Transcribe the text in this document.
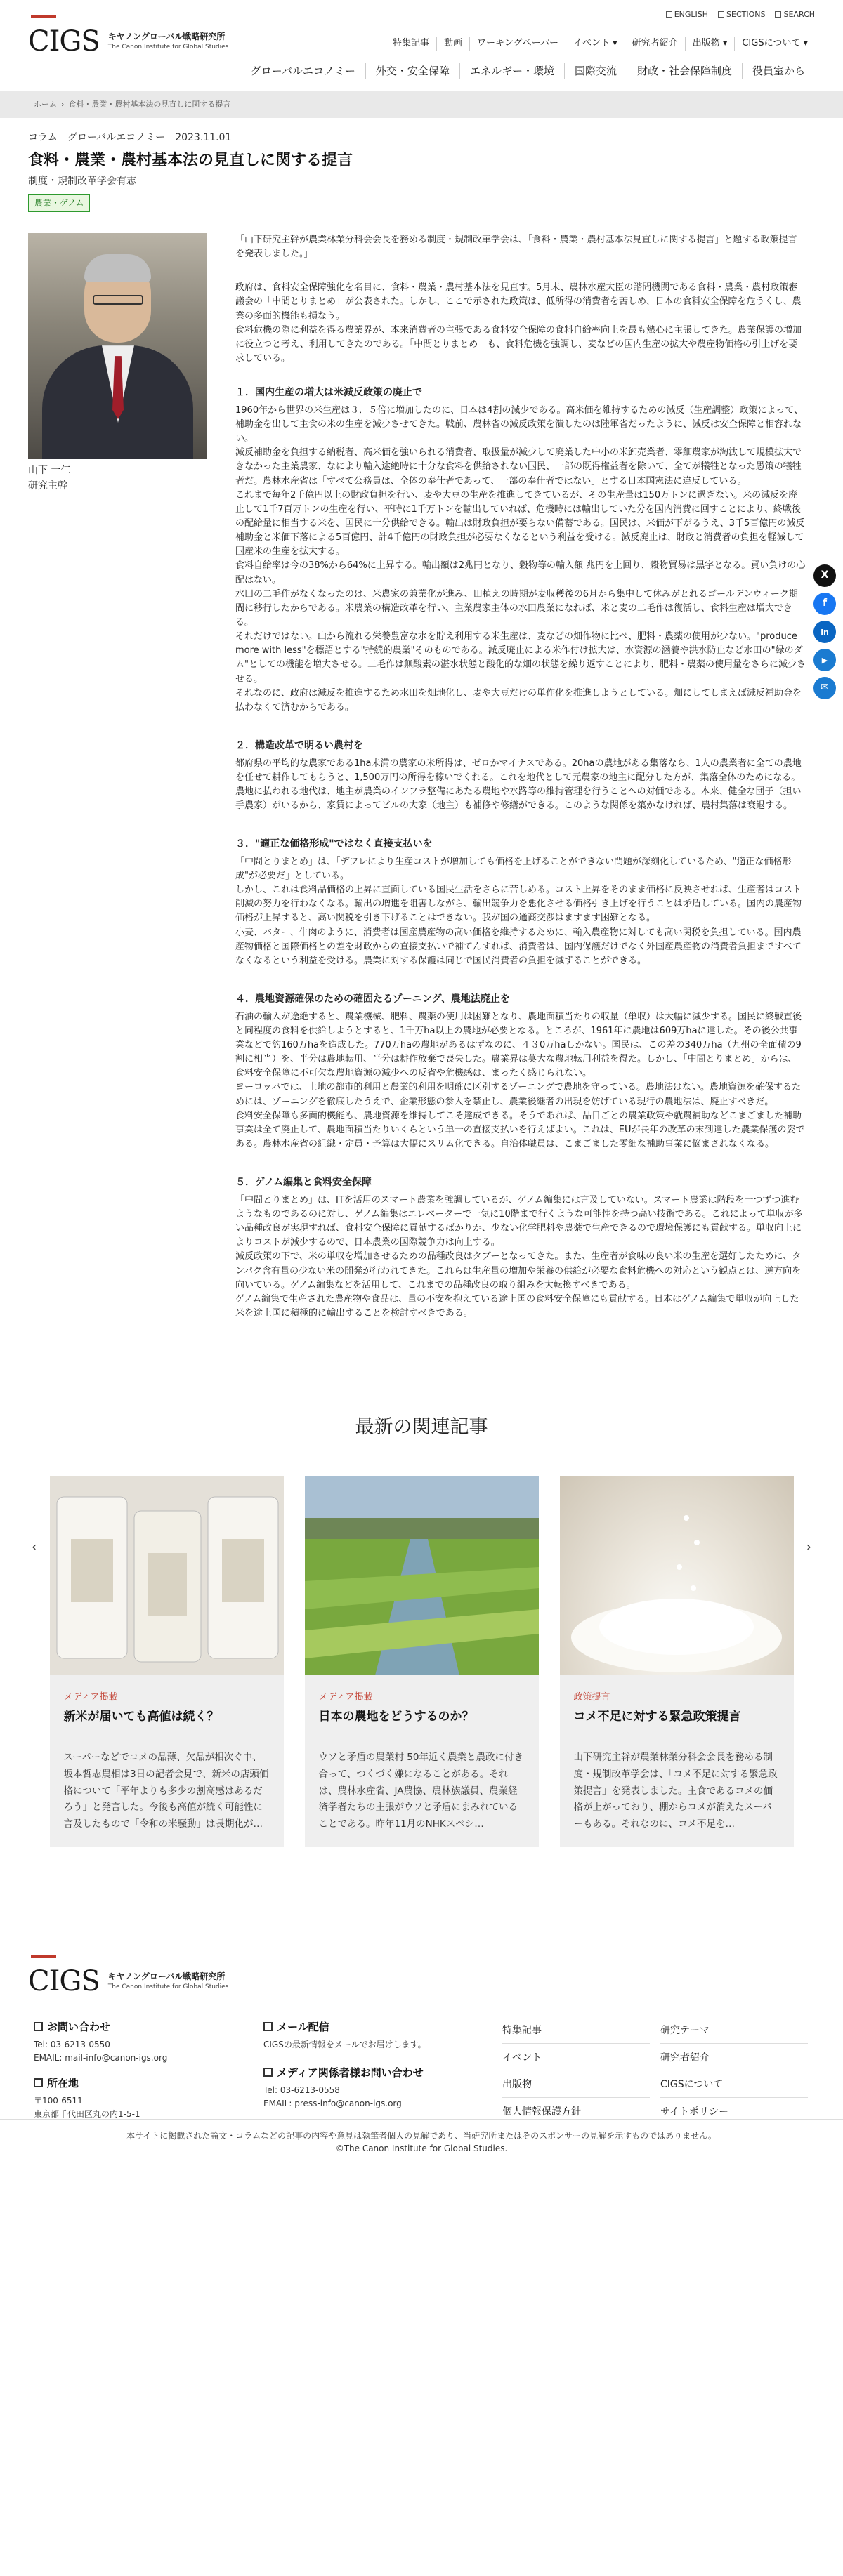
CIGS キヤノングローバル戦略研究所
The Canon Institute for Global Studies
ENGLISH	SECTIONS	SEARCH
特集記事	動画	ワーキングペーパー	イベント ▾	研究者紹介	出版物 ▾	CIGSについて ▾
グローバルエコノミー	外交・安全保障	エネルギー・環境	国際交流	財政・社会保障制度	役員室から
ホーム › 食料・農業・農村基本法の見直しに関する提言
コラム グローバルエコノミー 2023.11.01
食料・農業・農村基本法の見直しに関する提言
制度・規制改革学会有志
農業・ゲノム
山下 一仁
研究主幹

「山下研究主幹が農業林業分科会会長を務める制度・規制改革学会は、「食料・農業・農村基本法見直しに関する提言」と題する政策提言を発表しました。」

政府は、食料安全保障強化を名目に、食料・農業・農村基本法を見直す。5月末、農林水産大臣の諮問機関である食料・農業・農村政策審議会の「中間とりまとめ」が公表された。しかし、ここで示された政策は、低所得の消費者を苦しめ、日本の食料安全保障を危うくし、農業の多面的機能も損なう。

食料危機の際に利益を得る農業界が、本来消費者の主張である食料安全保障の食料自給率向上を最も熱心に主張してきた。農業保護の増加に役立つと考え、利用してきたのである。「中間とりまとめ」も、食料危機を強調し、麦などの国内生産の拡大や農産物価格の引上げを要求している。

１．国内生産の増大は米減反政策の廃止で

1960年から世界の米生産は３．５倍に増加したのに、日本は4割の減少である。高米価を維持するための減反（生産調整）政策によって、補助金を出して主食の米の生産を減少させてきた。戦前、農林省の減反政策を潰したのは陸軍省だったように、減反は安全保障と相容れない。

減反補助金を負担する納税者、高米価を強いられる消費者、取扱量が減少して廃業した中小の米卸売業者、零細農家が淘汰して規模拡大できなかった主業農家、なにより輸入途絶時に十分な食料を供給されない国民、一部の既得権益者を除いて、全てが犠牲となった愚策の犠牲者だ。農林水産省は「すべて公務員は、全体の奉仕者であって、一部の奉仕者ではない」とする日本国憲法に違反している。

これまで毎年2千億円以上の財政負担を行い、麦や大豆の生産を推進してきているが、その生産量は150万トンに過ぎない。米の減反を廃止して1千7百万トンの生産を行い、平時に1千万トンを輸出していれば、危機時には輸出していた分を国内消費に回すことにより、終戦後の配給量に相当する米を、国民に十分供給できる。輸出は財政負担が要らない備蓄である。国民は、米価が下がるうえ、3千5百億円の減反補助金と米価下落による5百億円、計4千億円の財政負担が必要なくなるという利益を受ける。減反廃止は、財政と消費者の負担を軽減して国産米の生産を拡大する。

食料自給率は今の38%から64%に上昇する。輸出額は2兆円となり、穀物等の輸入額 兆円を上回り、穀物貿易は黒字となる。買い負けの心配はない。

水田の二毛作がなくなったのは、米農家の兼業化が進み、田植えの時期が麦収穫後の6月から集中して休みがとれるゴールデンウィーク期間に移行したからである。米農業の構造改革を行い、主業農家主体の水田農業になれば、米と麦の二毛作は復活し、食料生産は増大できる。

それだけではない。山から流れる栄養豊富な水を貯え利用する米生産は、麦などの畑作物に比べ、肥料・農薬の使用が少ない。"produce more with less"を標語とする"持続的農業"そのものである。減反廃止による米作付け拡大は、水資源の涵養や洪水防止など水田の"緑のダム"としての機能を増大させる。二毛作は無酸素の湛水状態と酸化的な畑の状態を繰り返すことにより、肥料・農薬の使用量をさらに減少させる。

それなのに、政府は減反を推進するため水田を畑地化し、麦や大豆だけの単作化を推進しようとしている。畑にしてしまえば減反補助金を払わなくて済むからである。

２．構造改革で明るい農村を

都府県の平均的な農家である1ha未満の農家の米所得は、ゼロかマイナスである。20haの農地がある集落なら、1人の農業者に全ての農地を任せて耕作してもらうと、1,500万円の所得を稼いでくれる。これを地代として元農家の地主に配分した方が、集落全体のためになる。

農地に払われる地代は、地主が農業のインフラ整備にあたる農地や水路等の維持管理を行うことへの対価である。本来、健全な団子（担い手農家）がいるから、家賃によってビルの大家（地主）も補修や修繕ができる。このような関係を築かなければ、農村集落は衰退する。

３．"適正な価格形成"ではなく直接支払いを

「中間とりまとめ」は、「デフレにより生産コストが増加しても価格を上げることができない問題が深刻化しているため、"適正な価格形成"が必要だ」としている。

しかし、これは食料品価格の上昇に直面している国民生活をさらに苦しめる。コスト上昇をそのまま価格に反映させれば、生産者はコスト削減の努力を行わなくなる。輸出の増進を阻害しながら、輸出競争力を悪化させる価格引き上げを行うことは矛盾している。国内の農産物価格が上昇すると、高い関税を引き下げることはできない。我が国の通商交渉はますます困難となる。

小麦、バター、牛肉のように、消費者は国産農産物の高い価格を維持するために、輸入農産物に対しても高い関税を負担している。国内農産物価格と国際価格との差を財政からの直接支払いで補てんすれば、消費者は、国内保護だけでなく外国産農産物の消費者負担まですべてなくなるという利益を受ける。農業に対する保護は同じで国民消費者の負担を減ずることができる。

４．農地資源確保のための確固たるゾーニング、農地法廃止を

石油の輸入が途絶すると、農業機械、肥料、農薬の使用は困難となり、農地面積当たりの収量（単収）は大幅に減少する。国民に終戦直後と同程度の食料を供給しようとすると、1千万ha以上の農地が必要となる。ところが、1961年に農地は609万haに達した。その後公共事業などで約160万haを造成した。770万haの農地があるはずなのに、４３0万haしかない。国民は、この差の340万ha（九州の全面積の9割に相当）を、半分は農地転用、半分は耕作放棄で喪失した。農業界は莫大な農地転用利益を得た。しかし、「中間とりまとめ」からは、食料安全保障に不可欠な農地資源の減少への反省や危機感は、まったく感じられない。

ヨーロッパでは、土地の都市的利用と農業的利用を明確に区別するゾーニングで農地を守っている。農地法はない。農地資源を確保するためには、ゾーニングを徹底したうえで、企業形態の参入を禁止し、農業後継者の出現を妨げている現行の農地法は、廃止すべきだ。

食料安全保障も多面的機能も、農地資源を維持してこそ達成できる。そうであれば、品目ごとの農業政策や就農補助などこまごました補助事業は全て廃止して、農地面積当たりいくらという単一の直接支払いを行えばよい。これは、EUが長年の改革の末到達した農業保護の姿である。農林水産省の組織・定員・予算は大幅にスリム化できる。自治体職員は、こまごました零細な補助事業に悩まされなくなる。

５．ゲノム編集と食料安全保障

「中間とりまとめ」は、ITを活用のスマート農業を強調しているが、ゲノム編集には言及していない。スマート農業は階段を一つずつ進むようなものであるのに対し、ゲノム編集はエレベーターで一気に10階まで行くような可能性を持つ高い技術である。これによって単収が多い品種改良が実現すれば、食料安全保障に貢献するばかりか、少ない化学肥料や農薬で生産できるので環境保護にも貢献する。単収向上によりコストが減少するので、日本農業の国際競争力は向上する。

減反政策の下で、米の単収を増加させるための品種改良はタブーとなってきた。また、生産者が食味の良い米の生産を選好したために、タンパク含有量の少ない米の開発が行われてきた。これらは生産量の増加や栄養の供給が必要な食料危機への対応という観点とは、逆方向を向いている。ゲノム編集などを活用して、これまでの品種改良の取り組みを大転換すべきである。

ゲノム編集で生産された農産物や食品は、量の不安を抱えている途上国の食料安全保障にも貢献する。日本はゲノム編集で単収が向上した米を途上国に積極的に輸出することを検討すべきである。

X
f
in
▶
✉
最新の関連記事
メディア掲載
新米が届いても高値は続く？
スーパーなどでコメの品薄、欠品が相次ぐ中、坂本哲志農相は3日の記者会見で、新米の店頭価格について「平年よりも多少の割高感はあるだろう」と発言した。今後も高値が続く可能性に言及したもので「令和の米騒動」は長期化が…
メディア掲載
日本の農地をどうするのか？
ウソと矛盾の農業村 50年近く農業と農政に付き合って、つくづく嫌になることがある。それは、農林水産省、JA農協、農林族議員、農業経済学者たちの主張がウソと矛盾にまみれていることである。昨年11月のNHKスペシ…
政策提言
コメ不足に対する緊急政策提言
山下研究主幹が農業林業分科会会長を務める制度・規制改革学会は、「コメ不足に対する緊急政策提言」を発表しました。主食であるコメの価格が上がっており、棚からコメが消えたスーパーもある。それなのに、コメ不足を…
‹	›
CIGS キヤノングローバル戦略研究所
The Canon Institute for Global Studies
お問い合わせ
Tel: 03-6213-0550
EMAIL: mail-info@canon-igs.org
所在地
〒100-6511
東京都千代田区丸の内1-5-1
メール配信
CIGSの最新情報をメールでお届けします。
メディア関係者様お問い合わせ
Tel: 03-6213-0558
EMAIL: press-info@canon-igs.org
特集記事
イベント
出版物
個人情報保護方針
研究テーマ
研究者紹介
CIGSについて
サイトポリシー
本サイトに掲載された論文・コラムなどの記事の内容や意見は執筆者個人の見解であり、当研究所またはそのスポンサーの見解を示すものではありません。
©The Canon Institute for Global Studies.
